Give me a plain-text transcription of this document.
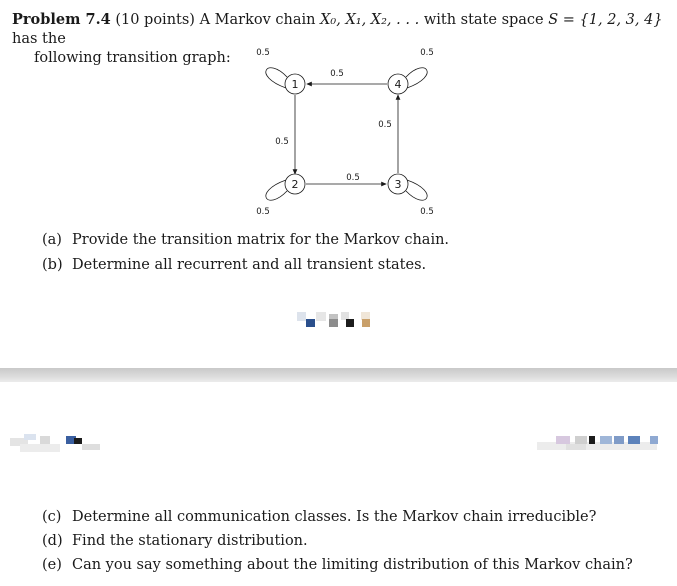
Problem 7.4 (10 points) A Markov chain X₀, X₁, X₂, . . . with state space S = {1, 2, 3, 4} has the
following transition graph:
1
2	3
4
0.5	0.5
0.5	0.5
0.5
0.5
0.5
0.5
(a) Provide the transition matrix for the Markov chain.
(b) Determine all recurrent and all transient states.
(c) Determine all communication classes. Is the Markov chain irreducible?
(d) Find the stationary distribution.
(e) Can you say something about the limiting distribution of this Markov chain?
